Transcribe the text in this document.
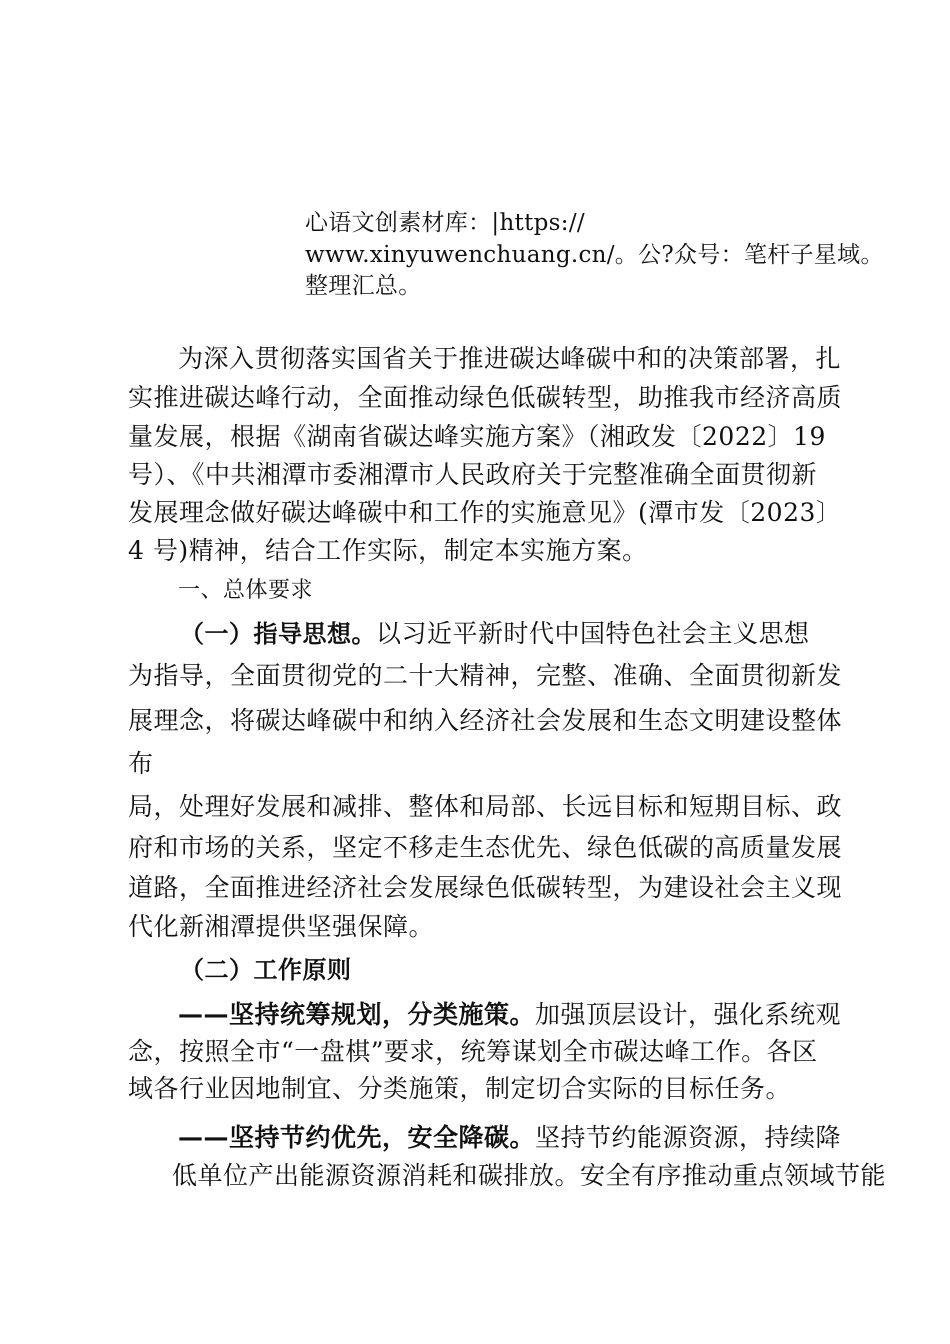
心语文创素材库：|https://
www.xinyuwenchuang.cn/。公?众号：笔杆子星域。
整理汇总。
为深入贯彻落实国省关于推进碳达峰碳中和的决策部署，扎
实推进碳达峰行动，全面推动绿色低碳转型，助推我市经济高质
量发展，根据《湖南省碳达峰实施方案》（湘政发〔2022〕19
号）、《中共湘潭市委湘潭市人民政府关于完整准确全面贯彻新
发展理念做好碳达峰碳中和工作的实施意见》(潭市发〔2023〕
4 号)精神，结合工作实际，制定本实施方案。
一、总体要求
（一）指导思想。以习近平新时代中国特色社会主义思想
为指导，全面贯彻党的二十大精神，完整、准确、全面贯彻新发
展理念，将碳达峰碳中和纳入经济社会发展和生态文明建设整体
布
局，处理好发展和减排、整体和局部、长远目标和短期目标、政
府和市场的关系，坚定不移走生态优先、绿色低碳的高质量发展
道路，全面推进经济社会发展绿色低碳转型，为建设社会主义现
代化新湘潭提供坚强保障。
（二）工作原则
——坚持统筹规划，分类施策。加强顶层设计，强化系统观
念，按照全市“一盘棋”要求，统筹谋划全市碳达峰工作。各区
域各行业因地制宜、分类施策，制定切合实际的目标任务。
——坚持节约优先，安全降碳。坚持节约能源资源，持续降
低单位产出能源资源消耗和碳排放。安全有序推动重点领域节能
